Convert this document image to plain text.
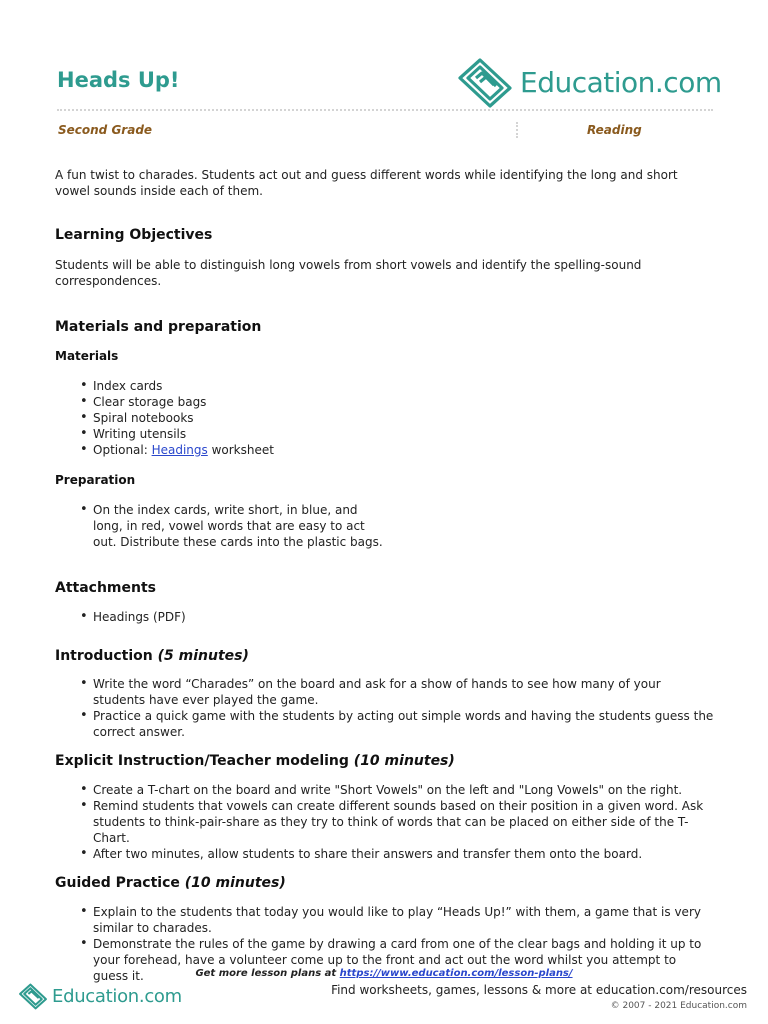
Heads Up!	Education.com
Second Grade	Reading

A fun twist to charades. Students act out and guess different words while identifying the long and short vowel sounds inside each of them.

Learning Objectives

Students will be able to distinguish long vowels from short vowels and identify the spelling-sound correspondences.

Materials and preparation
Materials
• Index cards
• Clear storage bags
• Spiral notebooks
• Writing utensils
• Optional: Headings worksheet
Preparation
• On the index cards, write short, in blue, and long, in red, vowel words that are easy to act out. Distribute these cards into the plastic bags.
Attachments
• Headings (PDF)
Introduction (5 minutes)
• Write the word “Charades” on the board and ask for a show of hands to see how many of your students have ever played the game.
• Practice a quick game with the students by acting out simple words and having the students guess the correct answer.
Explicit Instruction/Teacher modeling (10 minutes)
• Create a T-chart on the board and write "Short Vowels" on the left and "Long Vowels" on the right.
• Remind students that vowels can create different sounds based on their position in a given word. Ask students to think-pair-share as they try to think of words that can be placed on either side of the T-Chart.
• After two minutes, allow students to share their answers and transfer them onto the board.
Guided Practice (10 minutes)
• Explain to the students that today you would like to play “Heads Up!” with them, a game that is very similar to charades.
• Demonstrate the rules of the game by drawing a card from one of the clear bags and holding it up to your forehead, have a volunteer come up to the front and act out the word whilst you attempt to guess it.	Get more lesson plans at https://www.education.com/lesson-plans/
Education.com	Find worksheets, games, lessons & more at education.com/resources
© 2007 - 2021 Education.com
